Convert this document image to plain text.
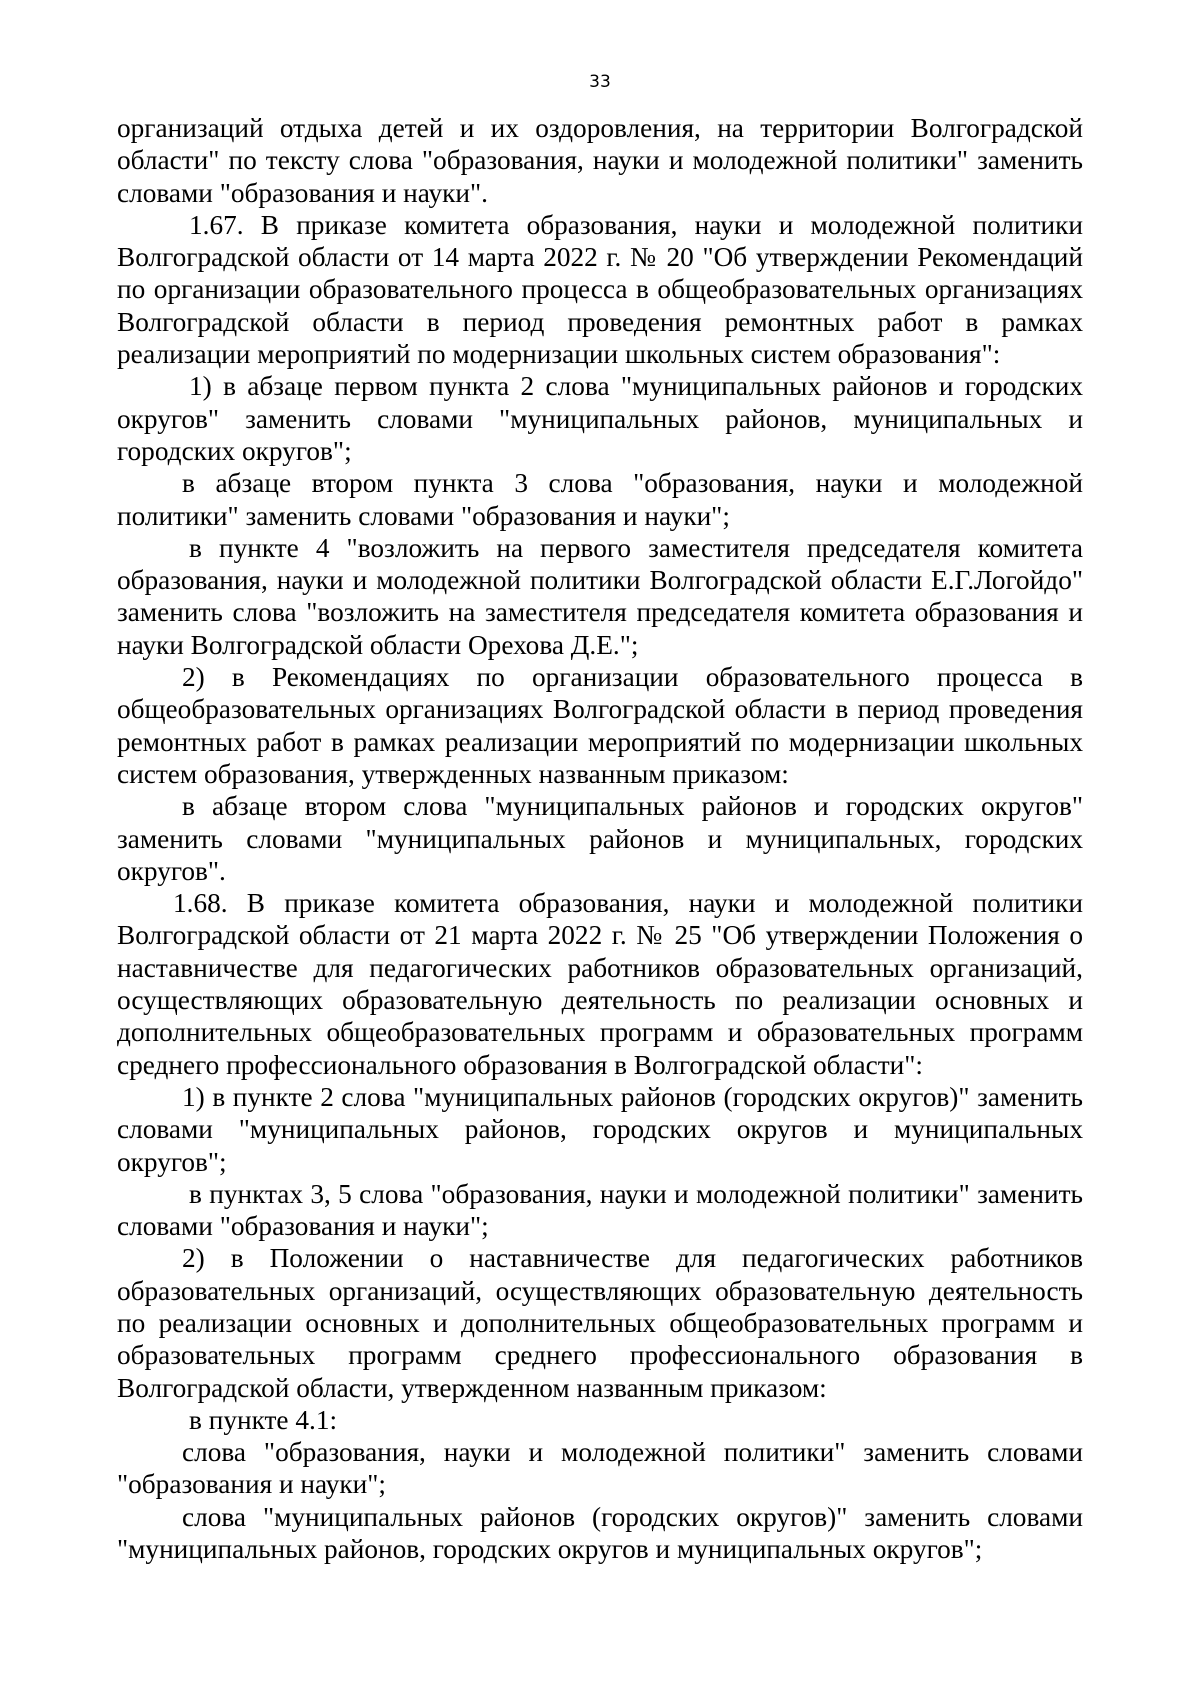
33

организаций отдыха детей и их оздоровления, на территории Волгоградской области" по тексту слова "образования, науки и молодежной политики" заменить словами "образования и науки".

1.67. В приказе комитета образования, науки и молодежной политики Волгоградской области от 14 марта 2022 г. № 20 "Об утверждении Рекомендаций по организации образовательного процесса в общеобразовательных организациях Волгоградской области в период проведения ремонтных работ в рамках реализации мероприятий по модернизации школьных систем образования":

1) в абзаце первом пункта 2 слова "муниципальных районов и городских округов" заменить словами "муниципальных районов, муниципальных и городских округов";

в абзаце втором пункта 3 слова "образования, науки и молодежной политики" заменить словами "образования и науки";

в пункте 4 "возложить на первого заместителя председателя комитета образования, науки и молодежной политики Волгоградской области Е.Г.Логойдо" заменить слова "возложить на заместителя председателя комитета образования и науки Волгоградской области Орехова Д.Е.";

2) в Рекомендациях по организации образовательного процесса в общеобразовательных организациях Волгоградской области в период проведения ремонтных работ в рамках реализации мероприятий по модернизации школьных систем образования, утвержденных названным приказом:

в абзаце втором слова "муниципальных районов и городских округов" заменить словами "муниципальных районов и муниципальных, городских округов".

1.68. В приказе комитета образования, науки и молодежной политики Волгоградской области от 21 марта 2022 г. № 25 "Об утверждении Положения о наставничестве для педагогических работников образовательных организаций, осуществляющих образовательную деятельность по реализации основных и дополнительных общеобразовательных программ и образовательных программ среднего профессионального образования в Волгоградской области":

1) в пункте 2 слова "муниципальных районов (городских округов)" заменить словами "муниципальных районов, городских округов и муниципальных округов";

в пунктах 3, 5 слова "образования, науки и молодежной политики" заменить словами "образования и науки";

2) в Положении о наставничестве для педагогических работников образовательных организаций, осуществляющих образовательную деятельность по реализации основных и дополнительных общеобразовательных программ и образовательных программ среднего профессионального образования в Волгоградской области, утвержденном названным приказом:

в пункте 4.1:

слова "образования, науки и молодежной политики" заменить словами "образования и науки";

слова "муниципальных районов (городских округов)" заменить словами "муниципальных районов, городских округов и муниципальных округов";
